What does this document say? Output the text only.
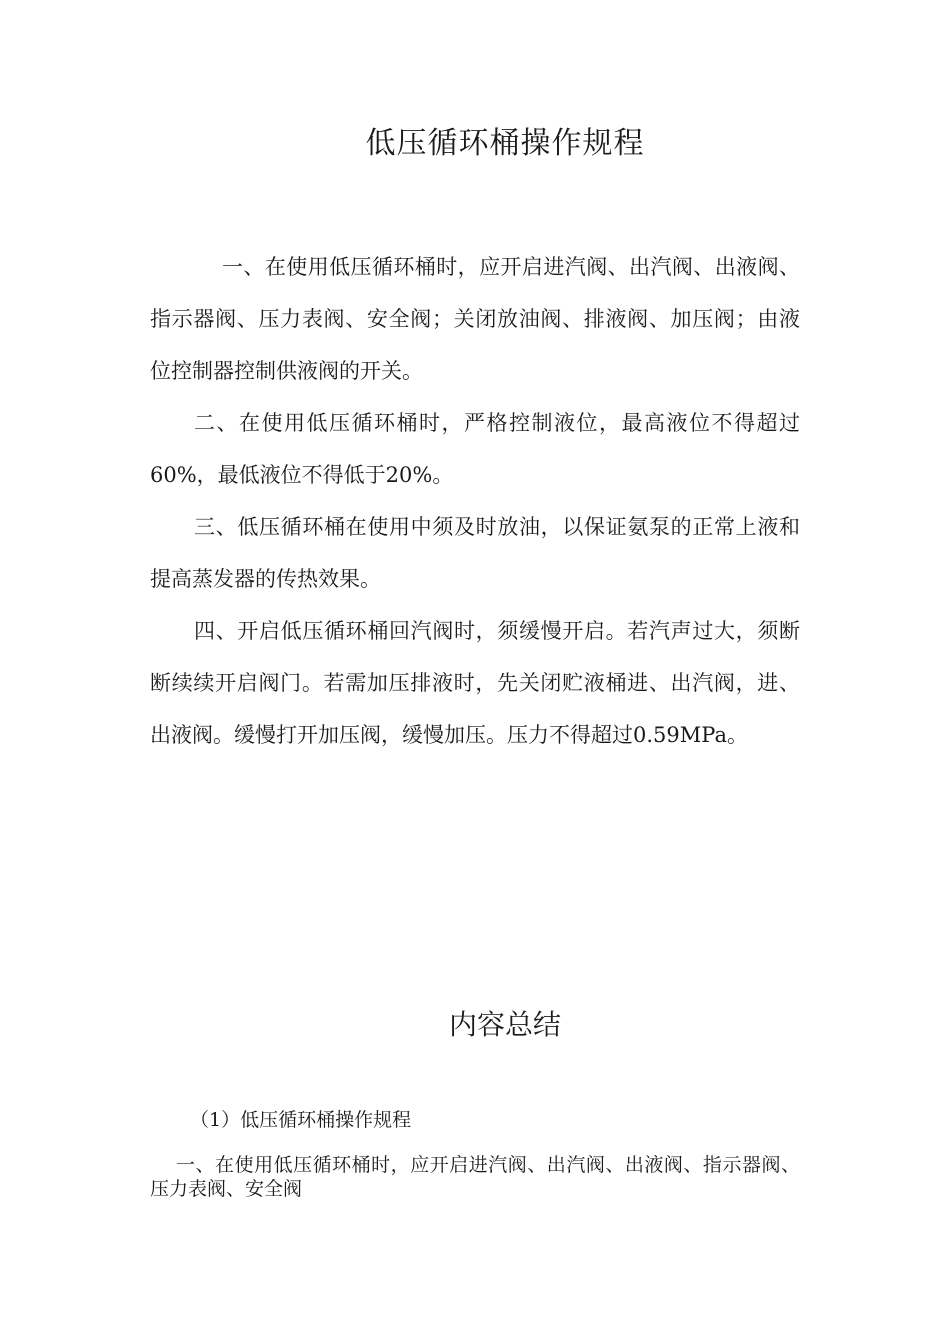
低压循环桶操作规程

一、在使用低压循环桶时，应开启进汽阀、出汽阀、出液阀、指示器阀、压力表阀、安全阀；关闭放油阀、排液阀、加压阀；由液位控制器控制供液阀的开关。

二、在使用低压循环桶时，严格控制液位，最高液位不得超过60%，最低液位不得低于20%。

三、低压循环桶在使用中须及时放油，以保证氨泵的正常上液和提高蒸发器的传热效果。

四、开启低压循环桶回汽阀时，须缓慢开启。若汽声过大，须断断续续开启阀门。若需加压排液时，先关闭贮液桶进、出汽阀，进、出液阀。缓慢打开加压阀，缓慢加压。压力不得超过0.59MPa。

内容总结

（1）低压循环桶操作规程

一、在使用低压循环桶时，应开启进汽阀、出汽阀、出液阀、指示器阀、压力表阀、安全阀
